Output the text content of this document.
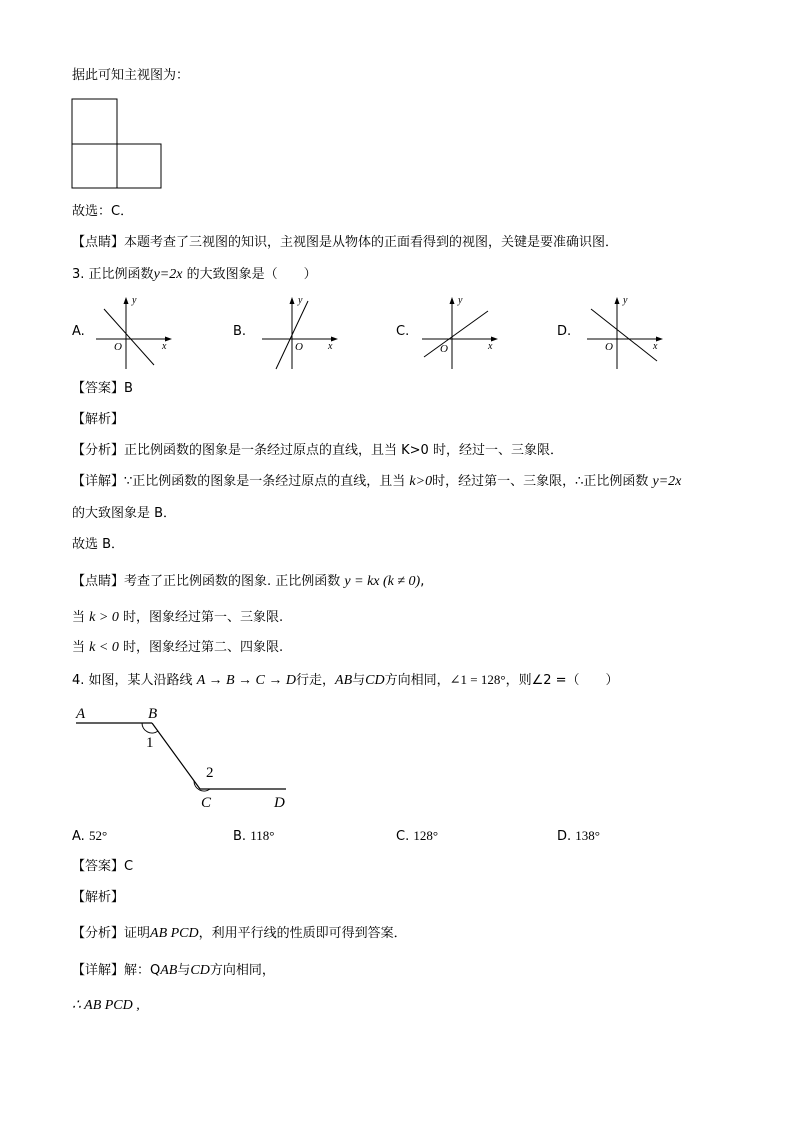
据此可知主视图为：
故选：C．
【点睛】本题考查了三视图的知识，主视图是从物体的正面看得到的视图，关键是要准确识图．
3. 正比例函数y=2x 的大致图象是（　　）
A.
y
x
O
B.
y
x
O
C.
y
x
O
D.
y
x
O
【答案】B
【解析】
【分析】正比例函数的图象是一条经过原点的直线，且当 K>0 时，经过一、三象限．
【详解】∵正比例函数的图象是一条经过原点的直线，且当 k>0时，经过第一、三象限，∴正比例函数 y=2x
的大致图象是 B．
故选 B．
【点睛】考查了正比例函数的图象. 正比例函数 y = kx (k ≠ 0),
当 k > 0 时，图象经过第一、三象限.
当 k < 0 时，图象经过第二、四象限.
4. 如图，某人沿路线 A → B → C → D行走，AB与CD方向相同，∠1 = 128°，则∠2 =（　　）
A	B
C	D
1
2
A. 52°	B. 118°	C. 128°	D. 138°
【答案】C
【解析】
【分析】证明AB PCD，利用平行线的性质即可得到答案．
【详解】解：QAB与CD方向相同，
∴ AB PCD ,
